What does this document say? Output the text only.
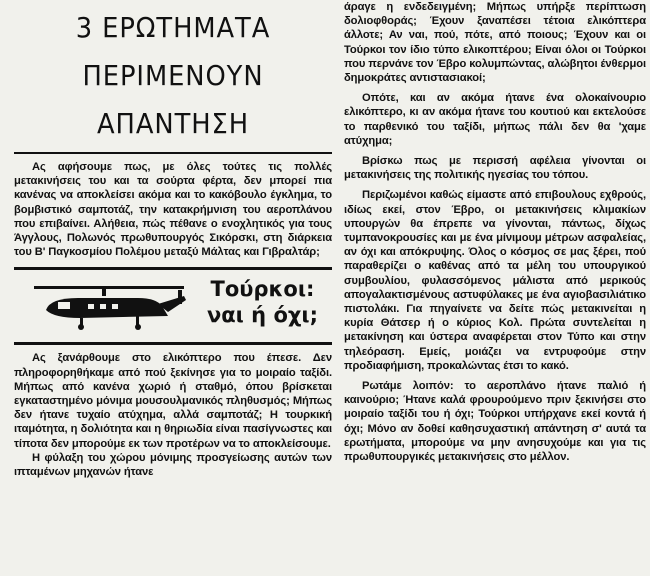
3 ΕΡΩΤΗΜΑΤΑ
ΠΕΡΙΜΕΝΟΥΝ
ΑΠΑΝΤΗΣΗ

Ας αφήσουμε πως, με όλες τούτες τις πολλές μετακινήσεις του και τα σούρτα φέρτα, δεν μπορεί πια κανένας να αποκλείσει ακόμα και το κακόβουλο έγκλημα, το βομβιστικό σαμποτάζ, την κατακρήμνιση του αεροπλάνου που επιβαίνει. Αλήθεια, πώς πέθανε ο ενοχλητικός για τους Άγγλους, Πολωνός πρωθυπουργός Σικόρσκι, στη διάρκεια του Β' Παγκοσμίου Πολέμου μεταξύ Μάλτας και Γιβραλτάρ;

Τούρκοι:
ναι ή όχι;

Ας ξανάρθουμε στο ελικόπτερο που έπεσε. Δεν πληροφορηθήκαμε από πού ξεκίνησε για το μοιραίο ταξίδι. Μήπως από κανένα χωριό ή σταθμό, όπου βρίσκεται εγκαταστημένο μόνιμα μουσουλμανικός πληθυσμός; Μήπως δεν ήτανε τυχαίο ατύχημα, αλλά σαμποτάζ; Η τουρκική ιταμότητα, η δολιότητα και η θηριωδία είναι πασίγνωστες και τίποτα δεν μπορούμε εκ των προτέρων να το αποκλείσουμε.

Η φύλαξη του χώρου μόνιμης προσγείωσης αυτών των ιπταμένων μηχανών ήτανε

άραγε η ενδεδειγμένη; Μήπως υπήρξε περίπτωση δολιοφθοράς; Έχουν ξαναπέσει τέτοια ελικόπτερα άλλοτε; Αν ναι, πού, πότε, από ποιους; Έχουν και οι Τούρκοι τον ίδιο τύπο ελικοπτέρου; Είναι όλοι οι Τούρκοι που περνάνε τον Έβρο κολυμπώντας, αλώβητοι ένθερμοι δημοκράτες αντιστασιακοί;

Οπότε, και αν ακόμα ήτανε ένα ολοκαίνουριο ελικόπτερο, κι αν ακόμα ήτανε του κουτιού και εκτελούσε το παρθενικό του ταξίδι, μήπως πάλι δεν θα 'χαμε ατύχημα;

Βρίσκω πως με περισσή αφέλεια γίνονται οι μετακινήσεις της πολιτικής ηγεσίας του τόπου.

Περιζωμένοι καθώς είμαστε από επιβουλους εχθρούς, ιδίως εκεί, στον Έβρο, οι μετακινήσεις κλιμακίων υπουργών θα έπρεπε να γίνονται, πάντως, δίχως τυμπανοκρουσίες και με ένα μίνιμουμ μέτρων ασφαλείας, αν όχι και απόκρυψης. Όλος ο κόσμος σε μας ξέρει, πού παραθερίζει ο καθένας από τα μέλη του υπουργικού συμβουλίου, φυλασσόμενος μάλιστα από μερικούς απογαλακτισμένους αστυφύλακες με ένα αγιοβασιλιάτικο πιστολάκι. Για πηγαίνετε να δείτε πώς μετακινείται η κυρία Θάτσερ ή ο κύριος Κολ. Πρώτα συντελείται η μετακίνηση και ύστερα αναφέρεται στον Τύπο και στην τηλεόραση. Εμείς, μοιάζει να εντρυφούμε στην προδιαφήμιση, προκαλώντας έτσι το κακό.

Ρωτάμε λοιπόν: το αεροπλάνο ήτανε παλιό ή καινούριο; Ήτανε καλά φρουρούμενο πριν ξεκινήσει στο μοιραίο ταξίδι του ή όχι; Τούρκοι υπήρχανε εκεί κοντά ή όχι; Μόνο αν δοθεί καθησυχαστική απάντηση σ' αυτά τα ερωτήματα, μπορούμε να μην ανησυχούμε και για τις πρωθυπουργικές μετακινήσεις στο μέλλον.
